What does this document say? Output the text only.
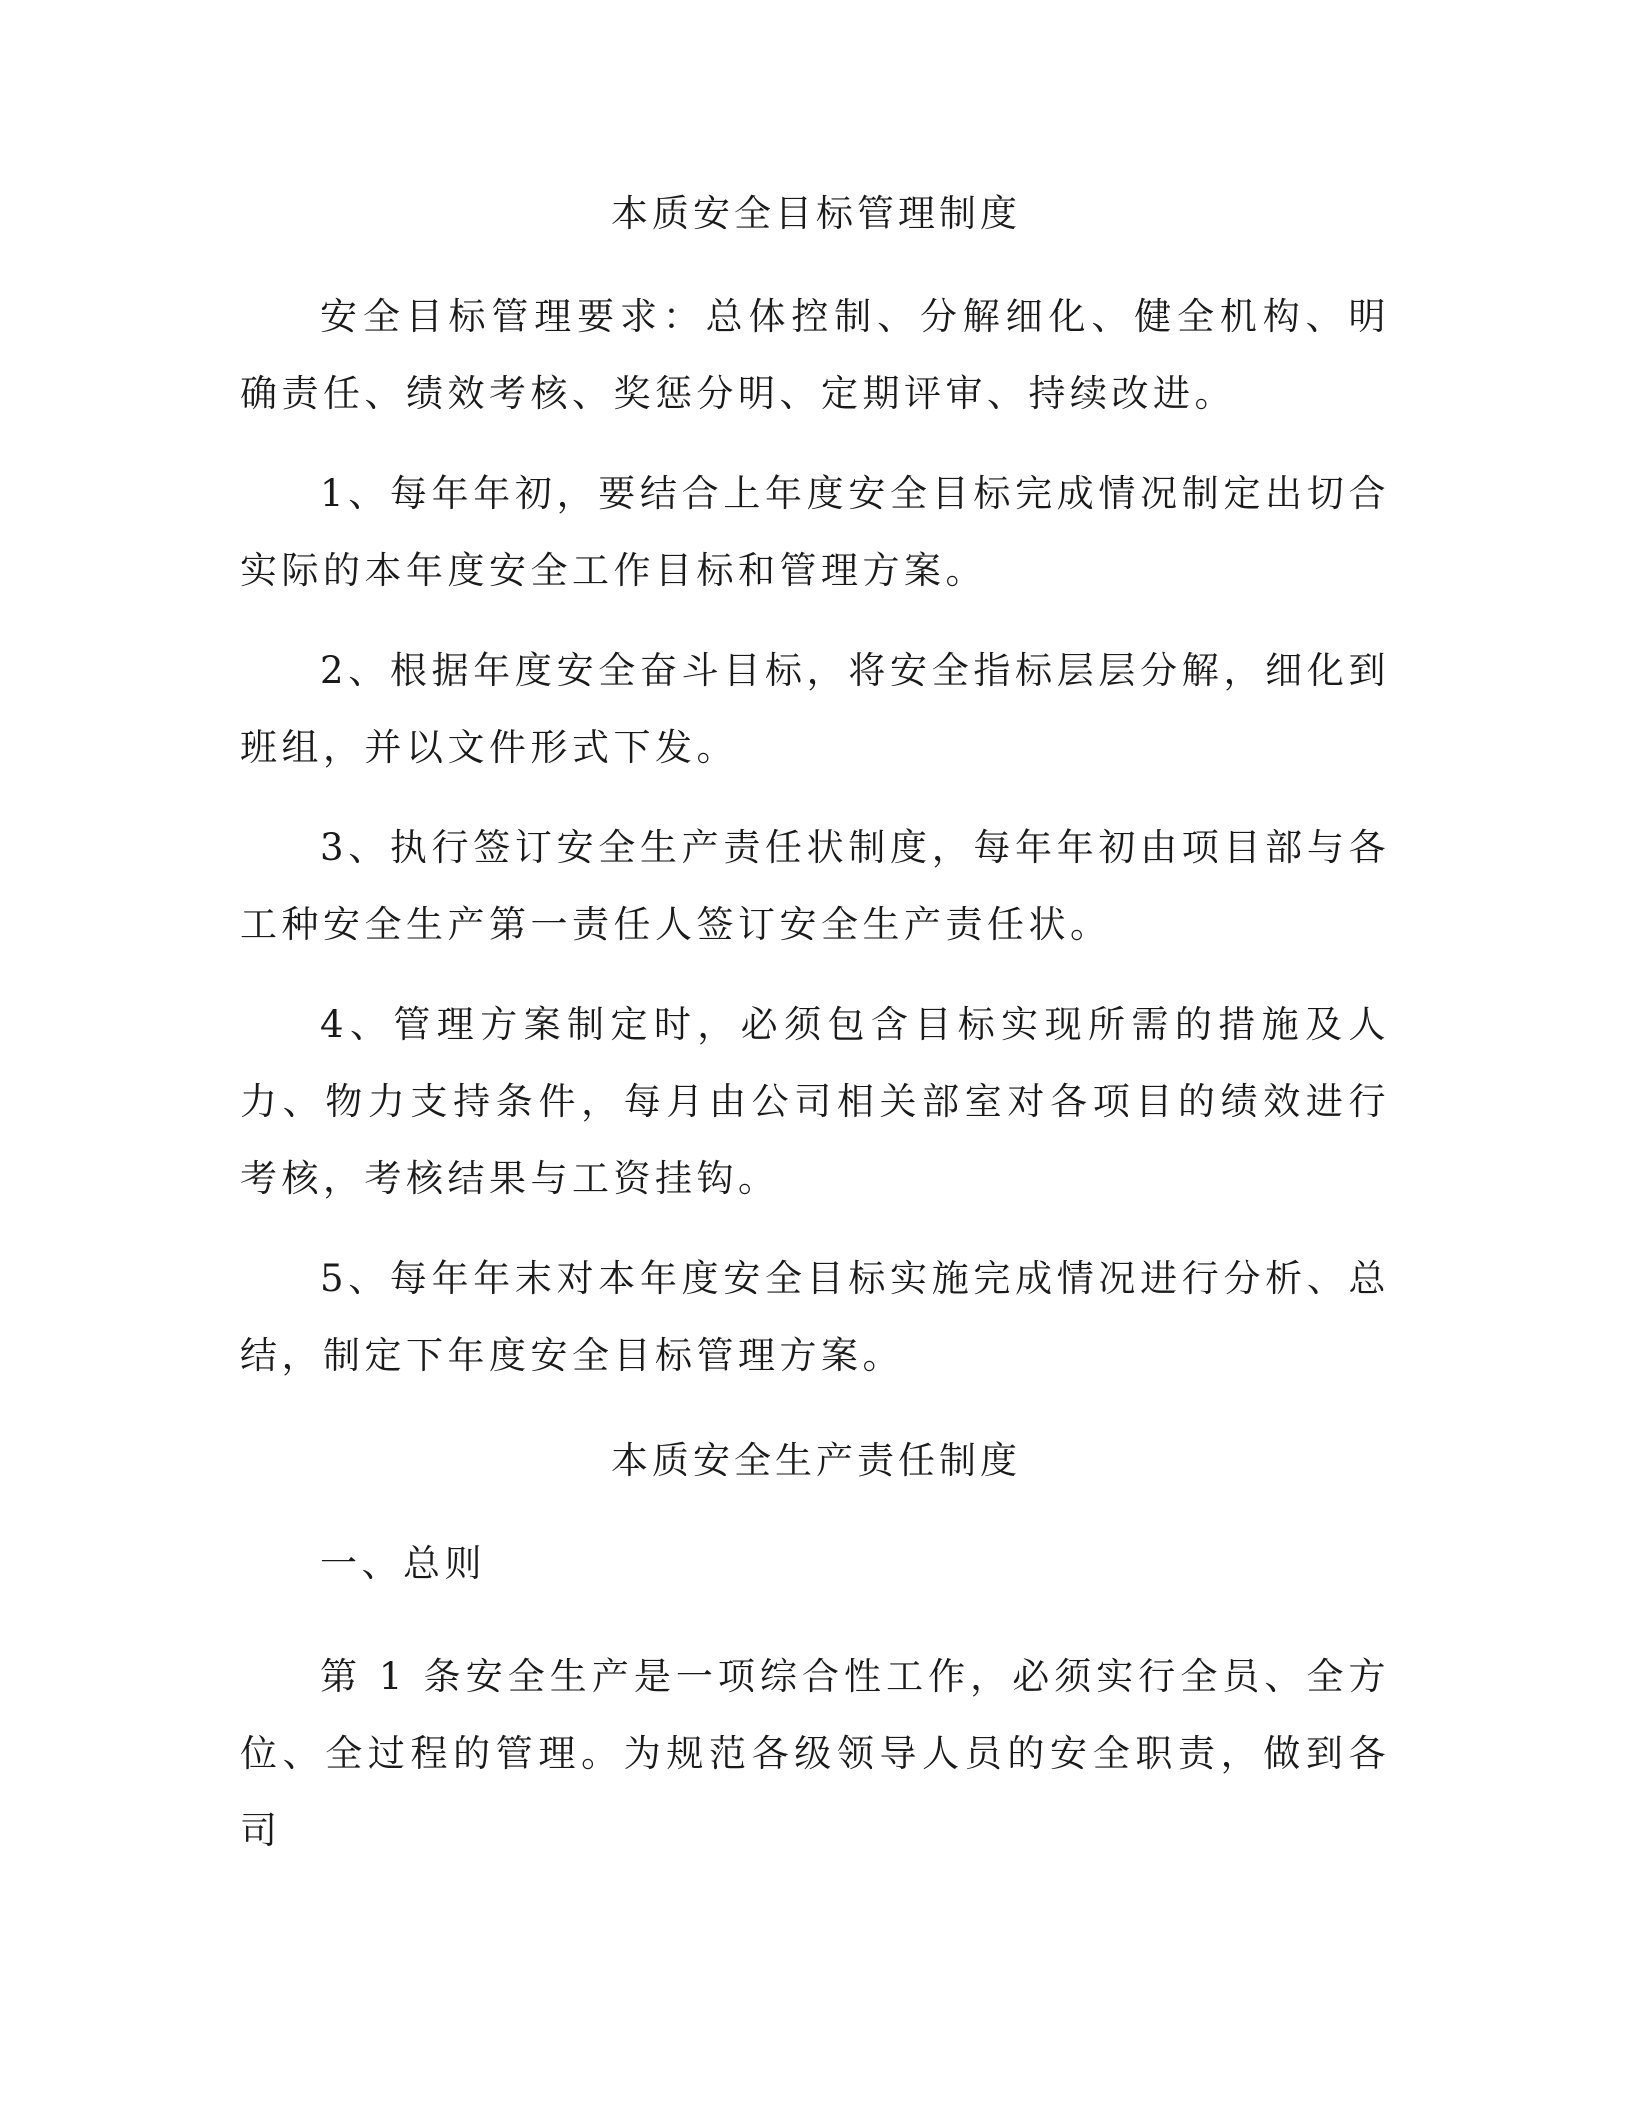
本质安全目标管理制度

安全目标管理要求：总体控制、分解细化、健全机构、明确责任、绩效考核、奖惩分明、定期评审、持续改进。

1、每年年初，要结合上年度安全目标完成情况制定出切合实际的本年度安全工作目标和管理方案。

2、根据年度安全奋斗目标，将安全指标层层分解，细化到班组，并以文件形式下发。

3、执行签订安全生产责任状制度，每年年初由项目部与各工种安全生产第一责任人签订安全生产责任状。

4、管理方案制定时，必须包含目标实现所需的措施及人力、物力支持条件，每月由公司相关部室对各项目的绩效进行考核，考核结果与工资挂钩。

5、每年年末对本年度安全目标实施完成情况进行分析、总结，制定下年度安全目标管理方案。

本质安全生产责任制度

一、总则

第 1 条安全生产是一项综合性工作，必须实行全员、全方位、全过程的管理。为规范各级领导人员的安全职责，做到各司
